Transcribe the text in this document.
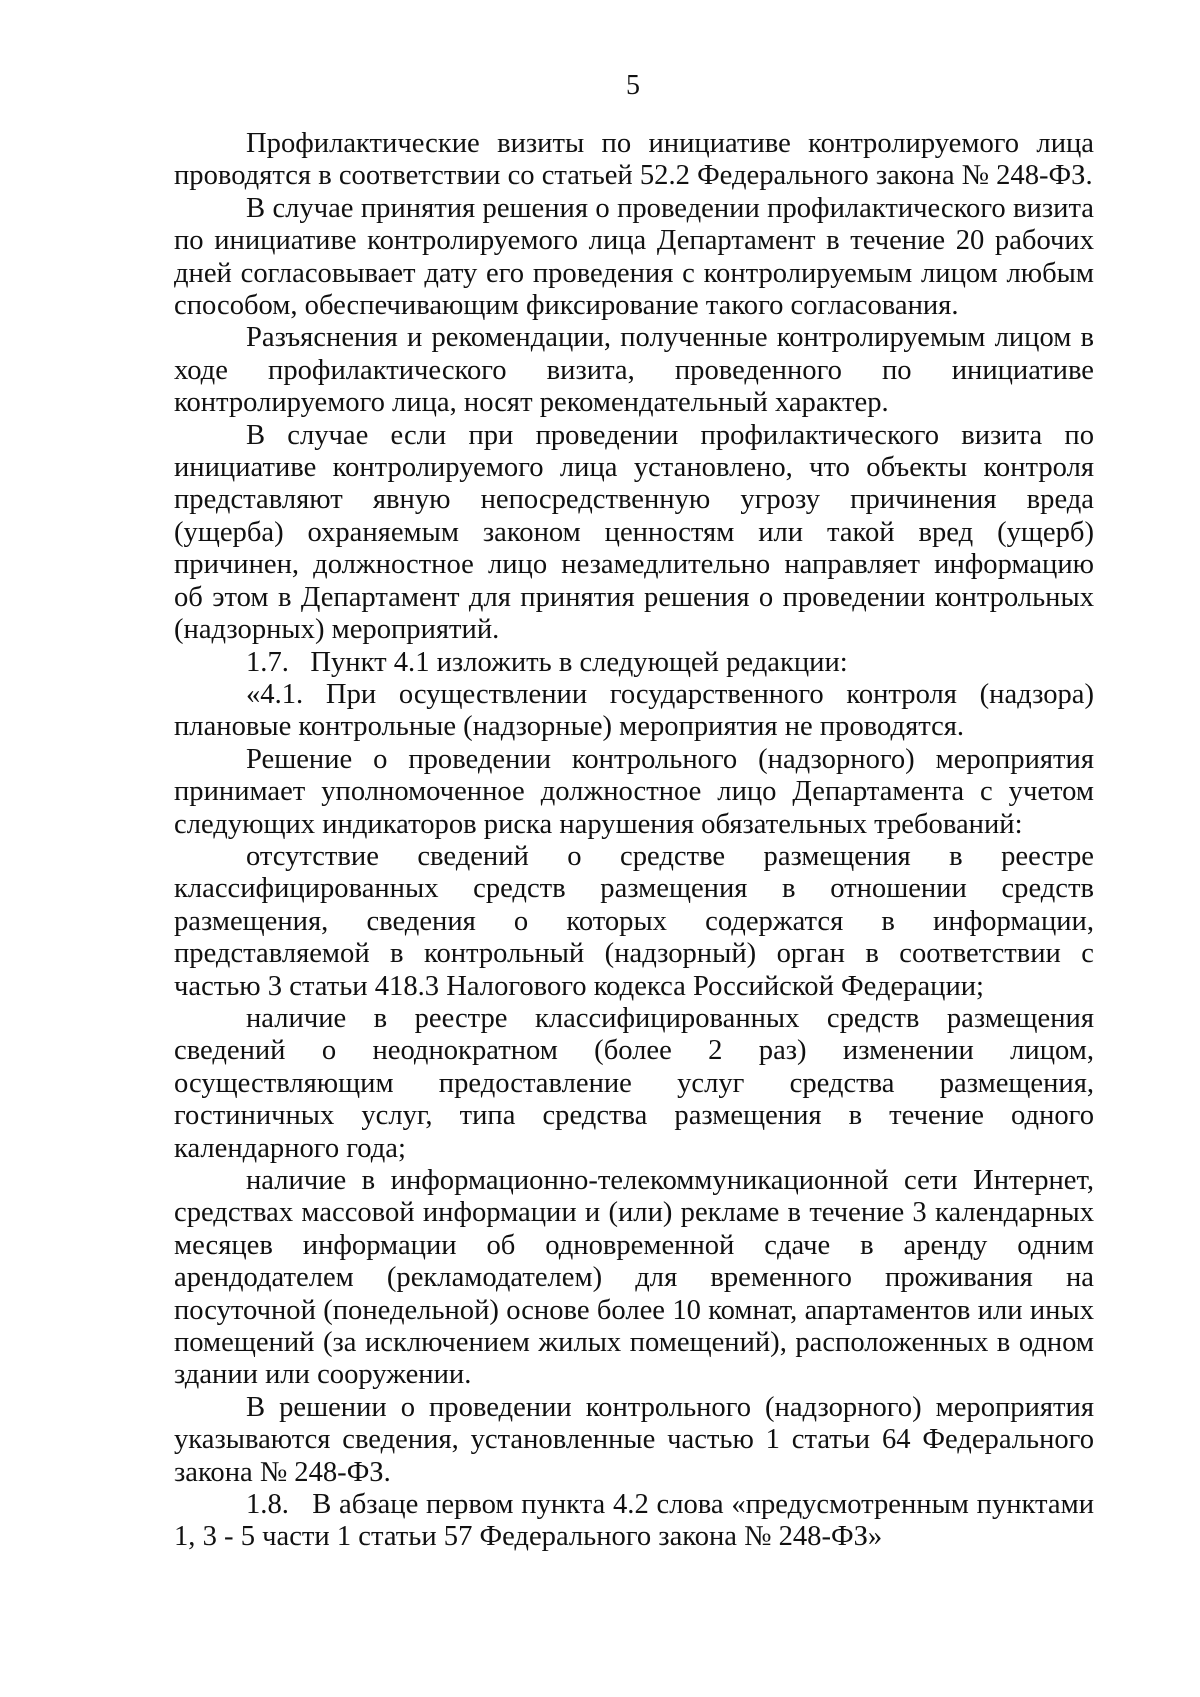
5

Профилактические визиты по инициативе контролируемого лица проводятся в соответствии со статьей 52.2 Федерального закона № 248-ФЗ.

В случае принятия решения о проведении профилактического визита по инициативе контролируемого лица Департамент в течение 20 рабочих дней согласовывает дату его проведения с контролируемым лицом любым способом, обеспечивающим фиксирование такого согласования.

Разъяснения и рекомендации, полученные контролируемым лицом в ходе профилактического визита, проведенного по инициативе контролируемого лица, носят рекомендательный характер.

В случае если при проведении профилактического визита по инициативе контролируемого лица установлено, что объекты контроля представляют явную непосредственную угрозу причинения вреда (ущерба) охраняемым законом ценностям или такой вред (ущерб) причинен, должностное лицо незамедлительно направляет информацию об этом в Департамент для принятия решения о проведении контрольных (надзорных) мероприятий.

1.7.   Пункт 4.1 изложить в следующей редакции:

«4.1. При осуществлении государственного контроля (надзора) плановые контрольные (надзорные) мероприятия не проводятся.

Решение о проведении контрольного (надзорного) мероприятия принимает уполномоченное должностное лицо Департамента с учетом следующих индикаторов риска нарушения обязательных требований:

отсутствие сведений о средстве размещения в реестре классифицированных средств размещения в отношении средств размещения, сведения о которых содержатся в информации, представляемой в контрольный (надзорный) орган в соответствии с частью 3 статьи 418.3 Налогового кодекса Российской Федерации;

наличие в реестре классифицированных средств размещения сведений о неоднократном (более 2 раз) изменении лицом, осуществляющим предоставление услуг средства размещения, гостиничных услуг, типа средства размещения в течение одного календарного года;

наличие в информационно-телекоммуникационной сети Интернет, средствах массовой информации и (или) рекламе в течение 3 календарных месяцев информации об одновременной сдаче в аренду одним арендодателем (рекламодателем) для временного проживания на посуточной (понедельной) основе более 10 комнат, апартаментов или иных помещений (за исключением жилых помещений), расположенных в одном здании или сооружении.

В решении о проведении контрольного (надзорного) мероприятия указываются сведения, установленные частью 1 статьи 64 Федерального закона № 248-ФЗ.

1.8.   В абзаце первом пункта 4.2 слова «предусмотренным пунктами 1, 3 - 5 части 1 статьи 57 Федерального закона № 248-ФЗ»
